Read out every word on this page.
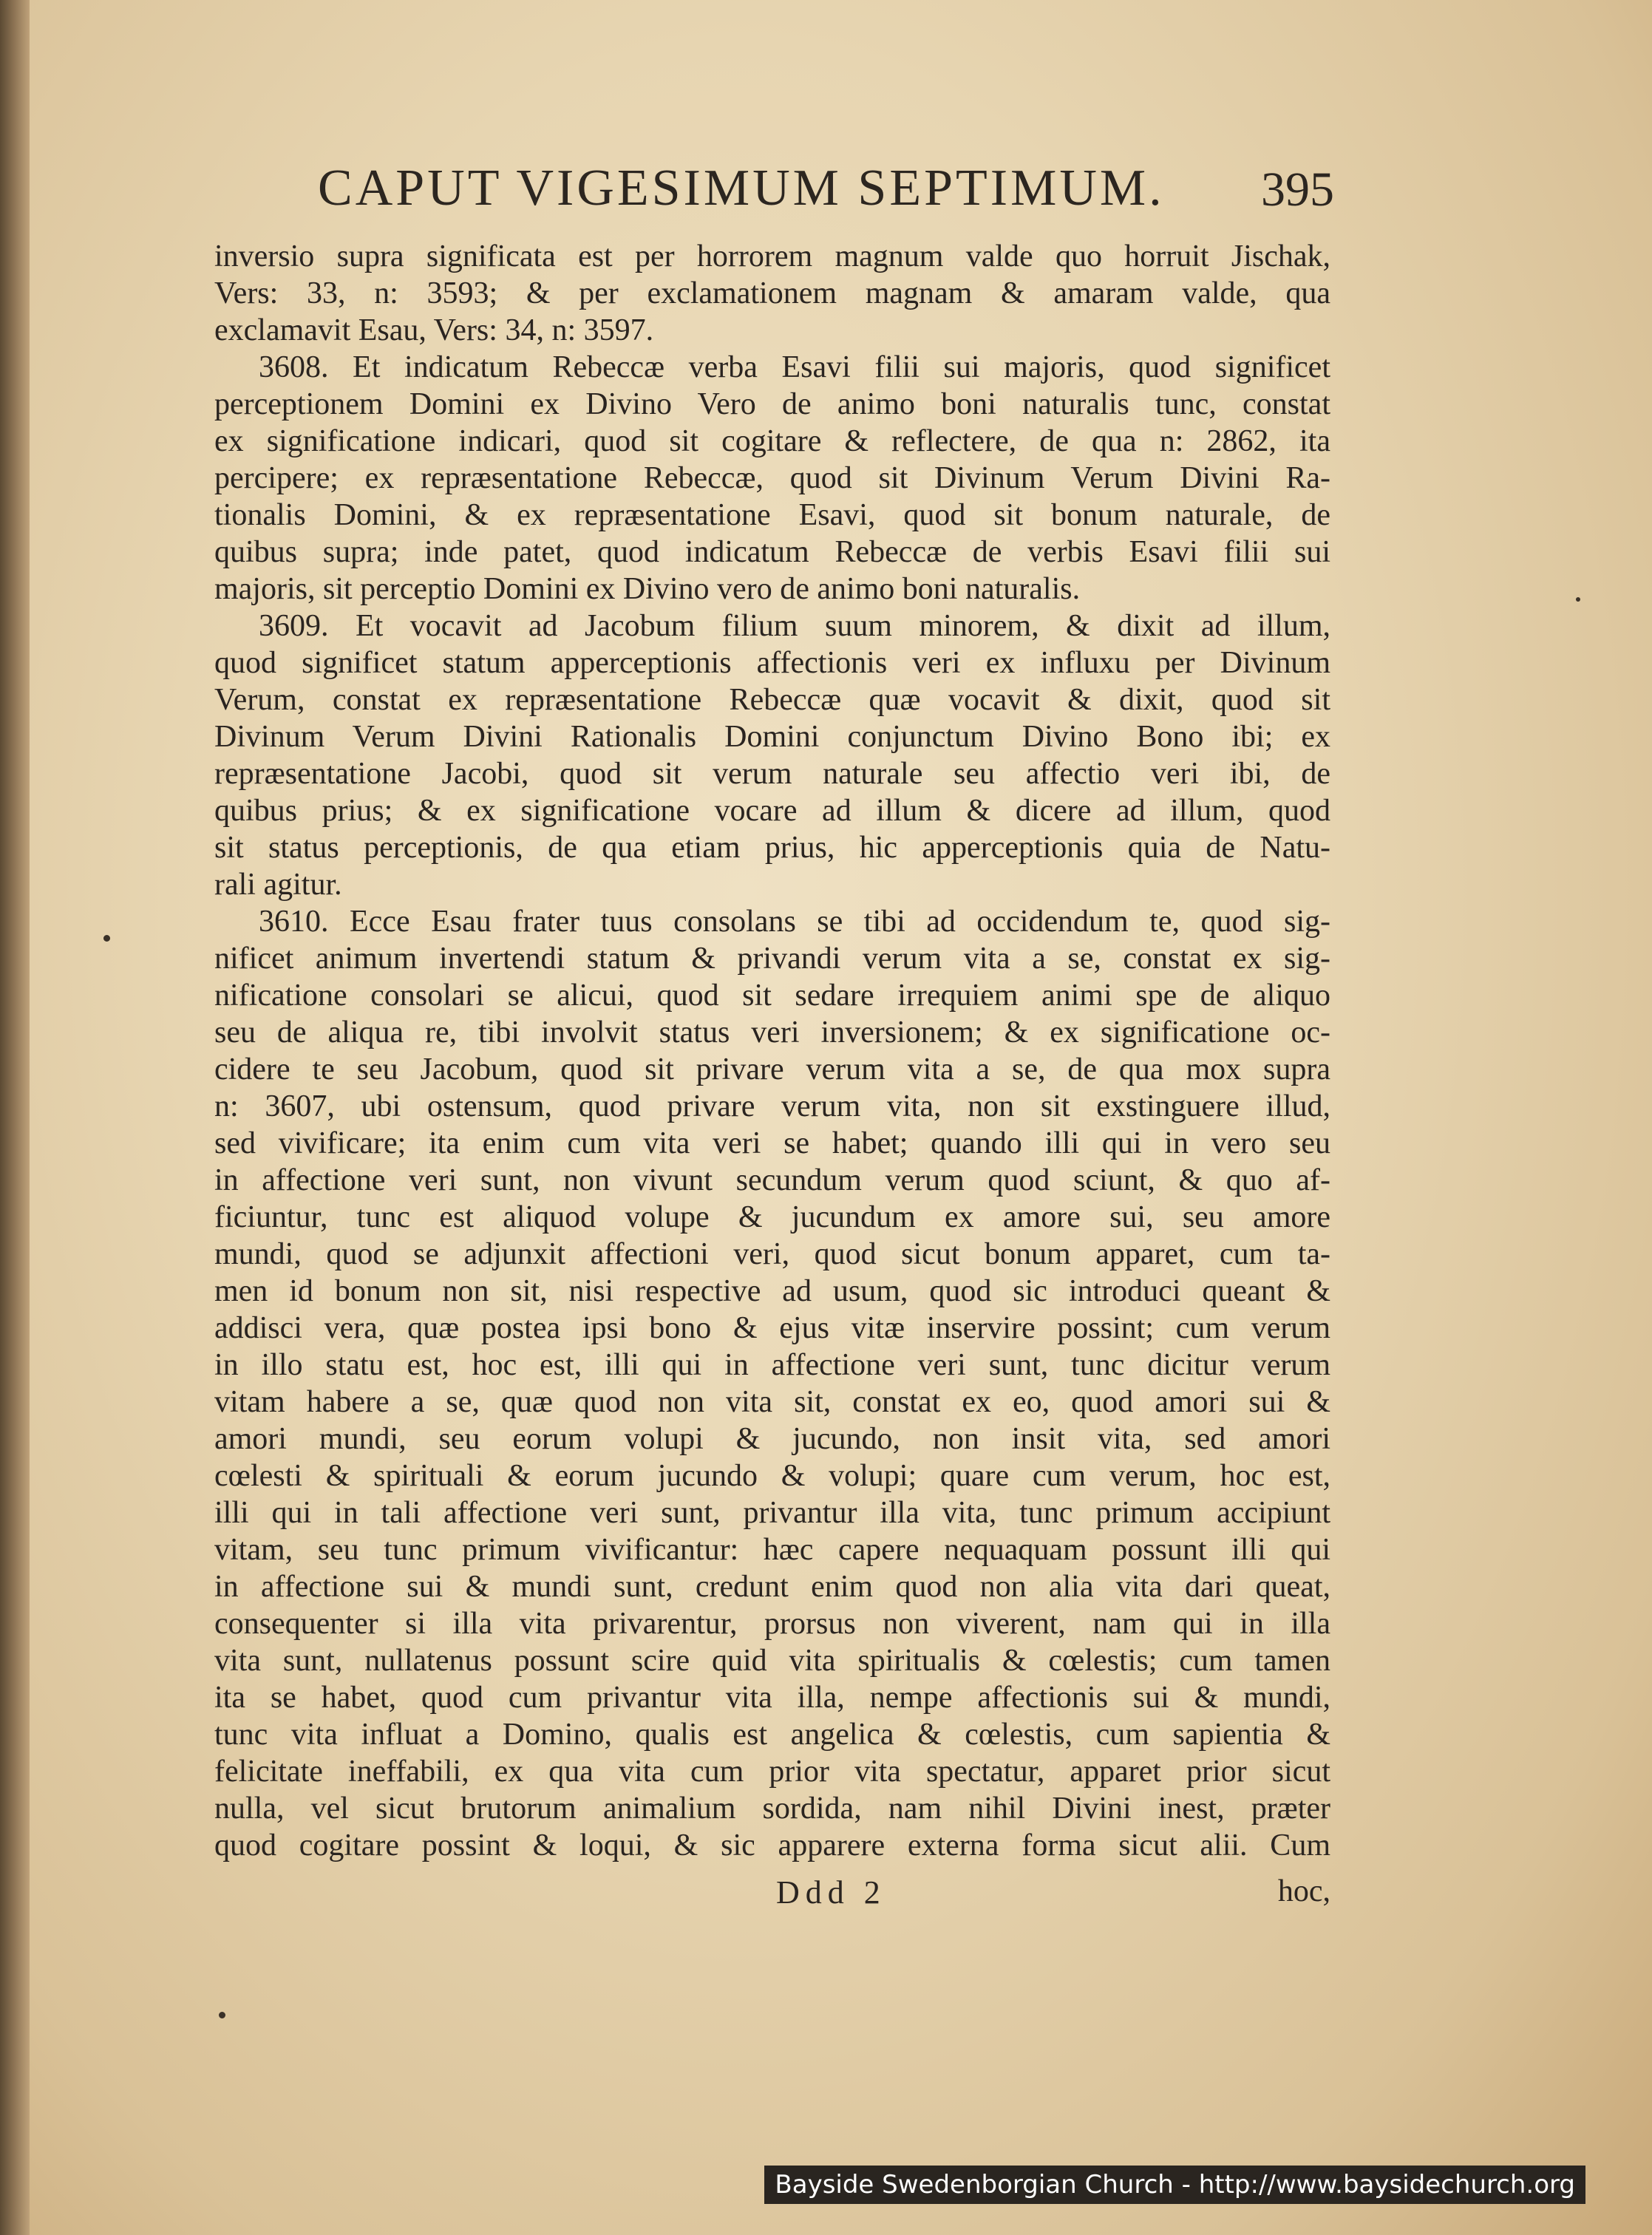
CAPUT VIGESIMUM SEPTIMUM. 395
inversio supra significata est per horrorem magnum valde quo horruit Jischak,
Vers: 33, n: 3593; & per exclamationem magnam & amaram valde, qua
exclamavit Esau, Vers: 34, n: 3597.
3608. Et indicatum Rebeccæ verba Esavi filii sui majoris, quod significet
perceptionem Domini ex Divino Vero de animo boni naturalis tunc, constat
ex significatione indicari, quod sit cogitare & reflectere, de qua n: 2862, ita
percipere; ex repræsentatione Rebeccæ, quod sit Divinum Verum Divini Ra-
tionalis Domini, & ex repræsentatione Esavi, quod sit bonum naturale, de
quibus supra; inde patet, quod indicatum Rebeccæ de verbis Esavi filii sui
majoris, sit perceptio Domini ex Divino vero de animo boni naturalis.
3609. Et vocavit ad Jacobum filium suum minorem, & dixit ad illum,
quod significet statum apperceptionis affectionis veri ex influxu per Divinum
Verum, constat ex repræsentatione Rebeccæ quæ vocavit & dixit, quod sit
Divinum Verum Divini Rationalis Domini conjunctum Divino Bono ibi; ex
repræsentatione Jacobi, quod sit verum naturale seu affectio veri ibi, de
quibus prius; & ex significatione vocare ad illum & dicere ad illum, quod
sit status perceptionis, de qua etiam prius, hic apperceptionis quia de Natu-
rali agitur.
3610. Ecce Esau frater tuus consolans se tibi ad occidendum te, quod sig-
nificet animum invertendi statum & privandi verum vita a se, constat ex sig-
nificatione consolari se alicui, quod sit sedare irrequiem animi spe de aliquo
seu de aliqua re, tibi involvit status veri inversionem; & ex significatione oc-
cidere te seu Jacobum, quod sit privare verum vita a se, de qua mox supra
n: 3607, ubi ostensum, quod privare verum vita, non sit exstinguere illud,
sed vivificare; ita enim cum vita veri se habet; quando illi qui in vero seu
in affectione veri sunt, non vivunt secundum verum quod sciunt, & quo af-
ficiuntur, tunc est aliquod volupe & jucundum ex amore sui, seu amore
mundi, quod se adjunxit affectioni veri, quod sicut bonum apparet, cum ta-
men id bonum non sit, nisi respective ad usum, quod sic introduci queant &
addisci vera, quæ postea ipsi bono & ejus vitæ inservire possint; cum verum
in illo statu est, hoc est, illi qui in affectione veri sunt, tunc dicitur verum
vitam habere a se, quæ quod non vita sit, constat ex eo, quod amori sui &
amori mundi, seu eorum volupi & jucundo, non insit vita, sed amori
cœlesti & spirituali & eorum jucundo & volupi; quare cum verum, hoc est,
illi qui in tali affectione veri sunt, privantur illa vita, tunc primum accipiunt
vitam, seu tunc primum vivificantur: hæc capere nequaquam possunt illi qui
in affectione sui & mundi sunt, credunt enim quod non alia vita dari queat,
consequenter si illa vita privarentur, prorsus non viverent, nam qui in illa
vita sunt, nullatenus possunt scire quid vita spiritualis & cœlestis; cum tamen
ita se habet, quod cum privantur vita illa, nempe affectionis sui & mundi,
tunc vita influat a Domino, qualis est angelica & cœlestis, cum sapientia &
felicitate ineffabili, ex qua vita cum prior vita spectatur, apparet prior sicut
nulla, vel sicut brutorum animalium sordida, nam nihil Divini inest, præter
quod cogitare possint & loqui, & sic apparere externa forma sicut alii. Cum
Ddd 2	hoc,
Bayside Swedenborgian Church - http://www.baysidechurch.org
